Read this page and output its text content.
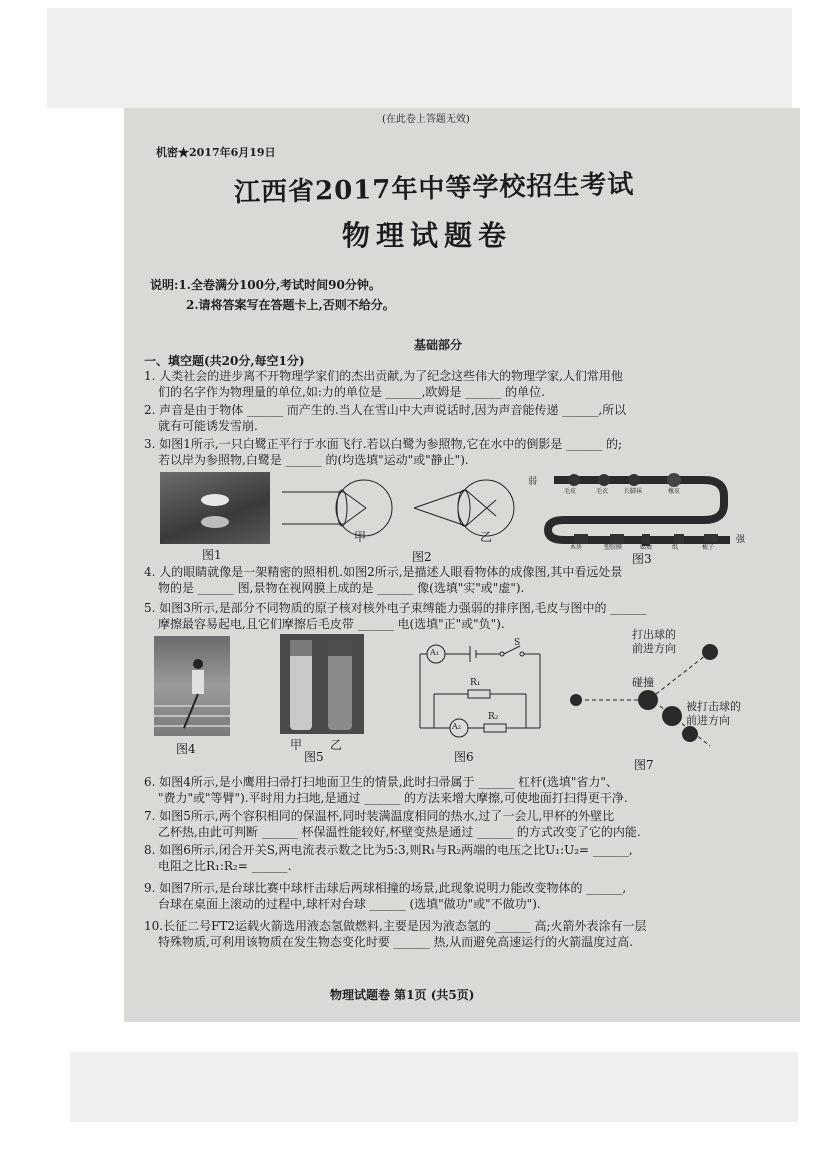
(在此卷上答题无效)
机密★2017年6月19日
江西省2017年中等学校招生考试
物理试题卷
说明:1.全卷满分100分,考试时间90分钟。
2.请将答案写在答题卡上,否则不给分。
基础部分
一、填空题(共20分,每空1分)
1. 人类社会的进步离不开物理学家们的杰出贡献,为了纪念这些伟大的物理学家,人们常用他
们的名字作为物理量的单位,如:力的单位是 ______,欧姆是 ______ 的单位.
2. 声音是由于物体 ______ 而产生的.当人在雪山中大声说话时,因为声音能传递 ______,所以
就有可能诱发雪崩.
3. 如图1所示,一只白鹭正平行于水面飞行.若以白鹭为参照物,它在水中的倒影是 ______ 的;
若以岸为参照物,白鹭是 ______ 的(均选填"运动"或"静止").
图1
甲	乙
图2
弱
强
毛皮	毛衣	长脚袜	橡皮
木块	塑胶膜	蜡烛	纸	梳子
图3
4. 人的眼睛就像是一架精密的照相机.如图2所示,是描述人眼看物体的成像图,其中看远处景
物的是 ______ 图,景物在视网膜上成的是 ______ 像(选填"实"或"虚").
5. 如图3所示,是部分不同物质的原子核对核外电子束缚能力强弱的排序图,毛皮与图中的 ______
摩擦最容易起电,且它们摩擦后毛皮带 ______ 电(选填"正"或"负").
图4	甲 乙
图5
A₁
A₂
S
R₁
R₂
图6
打出球的
前进方向
碰撞
被打击球的
前进方向
图7
6. 如图4所示,是小鹰用扫帚打扫地面卫生的情景,此时扫帚属于 ______ 杠杆(选填"省力"、
"费力"或"等臂").平时用力扫地,是通过 ______ 的方法来增大摩擦,可使地面打扫得更干净.
7. 如图5所示,两个容积相同的保温杯,同时装满温度相同的热水,过了一会儿,甲杯的外壁比
乙杯热,由此可判断 ______ 杯保温性能较好,杯壁变热是通过 ______ 的方式改变了它的内能.
8. 如图6所示,闭合开关S,两电流表示数之比为5:3,则R₁与R₂两端的电压之比U₁:U₂= ______,
电阻之比R₁:R₂= ______.
9. 如图7所示,是台球比赛中球杆击球后两球相撞的场景,此现象说明力能改变物体的 ______,
台球在桌面上滚动的过程中,球杆对台球 ______ (选填"做功"或"不做功").
10.长征二号FT2运载火箭选用液态氢做燃料,主要是因为液态氢的 ______ 高;火箭外表涂有一层
特殊物质,可利用该物质在发生物态变化时要 ______ 热,从而避免高速运行的火箭温度过高.
物理试题卷 第1页 (共5页)
